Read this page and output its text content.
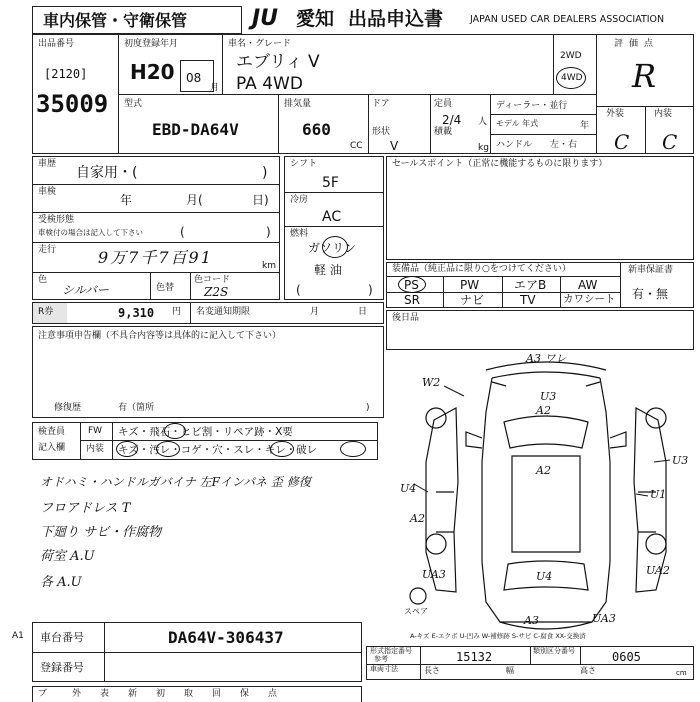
車内保管・守衛保管	JU 愛知 出品申込書	JAPAN USED CAR DEALERS ASSOCIATION
出品番号
[2120]
35009
初度登録年月
H20 08
月
車名・グレード
エブリィ V
PA 4WD
2WD
4WD
評価点
R
外装	内装
C C
型式
EBD-DA64V
排気量
660
CC
ドア
形状
V
定員
2/4 人
積載
kg
ディーラー・並行
モデル 年式	年
ハンドル 左・右
車歴
自家用・(	)
車検
年	月(	日)
受検形態
車検付の場合は記入して下さい	(	)
走行	9万7千7百91	km
色
シルバー	色替
色コード
Z2S
シフト
5F
冷房
AC
燃料
ガソリン
軽 油
(	)
セールスポイント（正常に機能するものに限ります）
装備品（純正品に限り○をつけてください）
PS	PW	エアB	AW
SR	ナビ	TV	カワシート
新車保証書
有・無
R券	9,310 円 名変通知期限	月	日
後日品
注意事項申告欄（不具合内容等は具体的に記入して下さい）
修復歴	有（箇所	)
検査員
記入欄
FW キズ・飛石・ヒビ割・リペア跡・X要
内装 キズ・汚レ・コゲ・穴・スレ・キレ・破レ
オドハミ・ハンドルガバイナ 左Fインパネ 歪 修復
フロアドレス T
下廻り サビ・作腐物
荷室 A.U
各 A.U
A3 ワレ
W2
U3
A2
U3
A2
U4	U1
A2
UA3	UA2
U4
A3	UA3
スペア
A-キズ E-エクボ U-凹み W-補修跡 S-サビ C-腐食 XX-交換済
A1 車台番号	DA64V-306437
登録番号
形式指定番号
参考	15132	類別区分番号	0605
車両寸法	長さ	幅	高さ	cm
ブ	外 表 新 初 取 回 保 点
